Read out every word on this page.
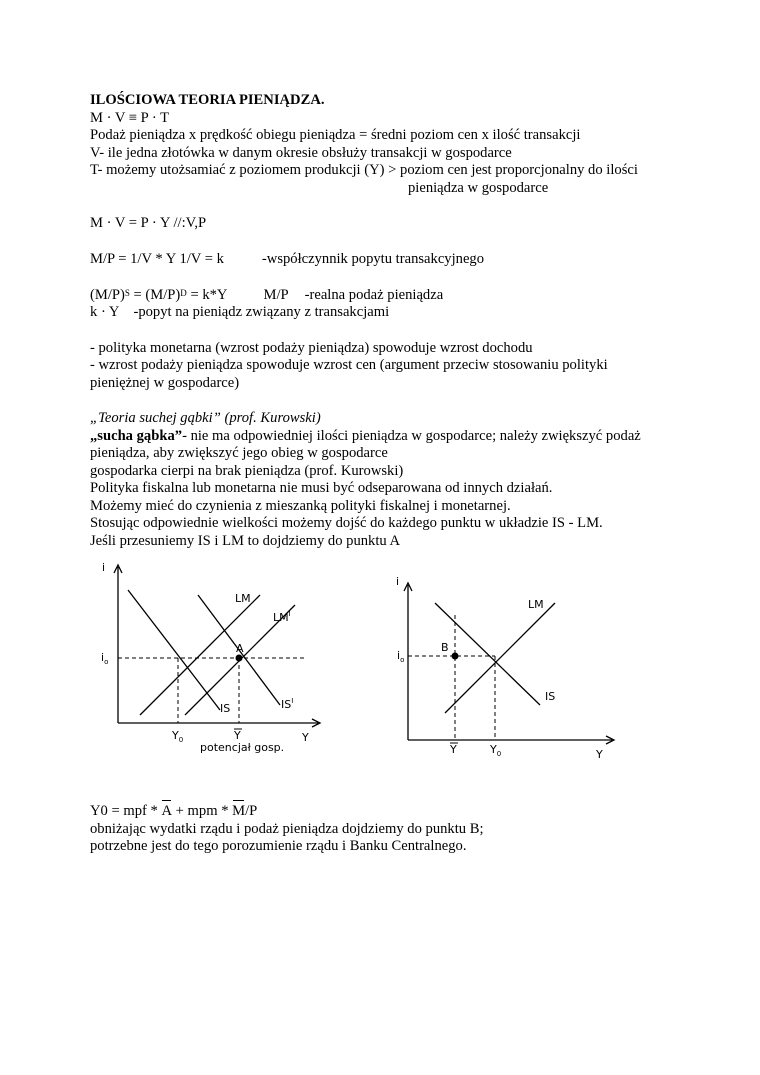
ILOŚCIOWA TEORIA PIENIĄDZA.
M · V ≡ P · T
Podaż pieniądza x prędkość obiegu pieniądza = średni poziom cen x ilość transakcji
V- ile jedna złotówka w danym okresie obsłuży transakcji w gospodarce
T- możemy utożsamiać z poziomem produkcji (Y) > poziom cen jest proporcjonalny do ilości
pieniądza w gospodarce
M · V = P · Y //:V,P
M/P = 1/V * Y 1/V = k	-współczynnik popytu transakcyjnego
$(M/P)^S = (M/P)^D = k*Y$ M/P -realna podaż pieniądza
k · Y -popyt na pieniądz związany z transakcjami
- polityka monetarna (wzrost podaży pieniądza) spowoduje wzrost dochodu
- wzrost podaży pieniądza spowoduje wzrost cen (argument przeciw stosowaniu polityki
pieniężnej w gospodarce)
„Teoria suchej gąbki” (prof. Kurowski)
„sucha gąbka”- nie ma odpowiedniej ilości pieniądza w gospodarce; należy zwiększyć podaż
pieniądza, aby zwiększyć jego obieg w gospodarce
gospodarka cierpi na brak pieniądza (prof. Kurowski)
Polityka fiskalna lub monetarna nie musi być odseparowana od innych działań.
Możemy mieć do czynienia z mieszanką polityki fiskalnej i monetarnej.
Stosując odpowiednie wielkości możemy dojść do każdego punktu w układzie IS - LM.
Jeśli przesuniemy IS i LM to dojdziemy do punktu A
i
Y
LM
$LM^I$
IS	$IS^I$
A
$i_o$
$Y_0$	Y
potencjał gosp.
i
Y
LM
IS
B
$i_o$
Y	$Y_0$
Y0 = mpf * A + mpm * M/P
obniżając wydatki rządu i podaż pieniądza dojdziemy do punktu B;
potrzebne jest do tego porozumienie rządu i Banku Centralnego.
